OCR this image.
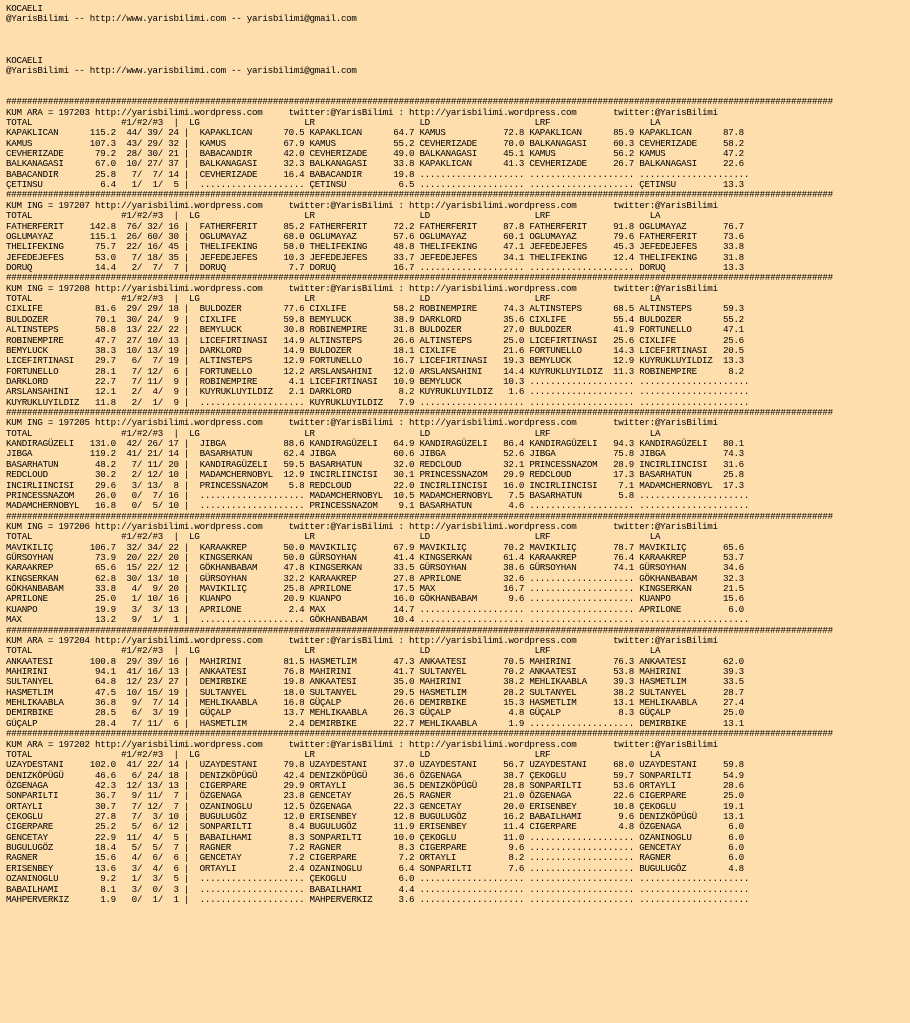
KOCAELI
@YarisBilimi -- http://www.yarisbilimi.com -- yarisbilimi@gmail.com

KOCAELI
@YarisBilimi -- http://www.yarisbilimi.com -- yarisbilimi@gmail.com

##############################################################################################################################################################
KUM ARA = 197203 http://yarisbilimi.wordpress.com     twitter:@YarisBilimi : http://yarisbilimi.wordpress.com       twitter:@YarisBilimi
TOTAL                 #1/#2/#3  |  LG                    LR                    LD                    LRF                   LA
KAPAKLICAN      115.2  44/ 39/ 24 |  KAPAKLICAN      70.5 KAPAKLICAN      64.7 KAMUS           72.8 KAPAKLICAN      85.9 KAPAKLICAN      87.8
KAMUS           107.3  43/ 29/ 32 |  KAMUS           67.9 KAMUS           55.2 CEVHERIZADE     70.0 BALKANAGASI     60.3 CEVHERIZADE     58.2
CEVHERIZADE      79.2  28/ 30/ 21 |  BABACANDIR      42.0 CEVHERIZADE     49.0 BALKANAGASI     45.1 KAMUS           56.2 KAMUS           47.2
BALKANAGASI      67.0  10/ 27/ 37 |  BALKANAGASI     32.3 BALKANAGASI     33.8 KAPAKLICAN      41.3 CEVHERIZADE     26.7 BALKANAGASI     22.6
BABACANDIR       25.8   7/  7/ 14 |  CEVHERIZADE     16.4 BABACANDIR      19.8 .................... .................... .....................
ÇETINSU           6.4   1/  1/  5 |  .................... ÇETINSU          6.5 .................... .................... ÇETINSU         13.3
##############################################################################################################################################################
KUM ING = 197207 http://yarisbilimi.wordpress.com     twitter:@YarisBilimi : http://yarisbilimi.wordpress.com       twitter:@YarisBilimi
TOTAL                 #1/#2/#3  |  LG                    LR                    LD                    LRF                   LA
FATHERFERIT     142.8  76/ 32/ 16 |  FATHERFERIT     85.2 FATHERFERIT     72.2 FATHERFERIT     87.8 FATHERFERIT     91.8 OGLUMAYAZ       76.7
OGLUMAYAZ       115.1  26/ 60/ 30 |  OGLUMAYAZ       68.0 OGLUMAYAZ       57.6 OGLUMAYAZ       60.1 OGLUMAYAZ       79.6 FATHERFERIT     73.6
THELIFEKING      75.7  22/ 16/ 45 |  THELIFEKING     58.0 THELIFEKING     48.8 THELIFEKING     47.1 JEFEDEJEFES     45.3 JEFEDEJEFES     33.8
JEFEDEJEFES      53.0   7/ 18/ 35 |  JEFEDEJEFES     10.3 JEFEDEJEFES     33.7 JEFEDEJEFES     34.1 THELIFEKING     12.4 THELIFEKING     31.8
DORUQ            14.4   2/  7/  7 |  DORUQ            7.7 DORUQ           16.7 .................... .................... DORUQ           13.3
##############################################################################################################################################################
KUM ING = 197208 http://yarisbilimi.wordpress.com     twitter:@YarisBilimi : http://yarisbilimi.wordpress.com       twitter:@YarisBilimi
TOTAL                 #1/#2/#3  |  LG                    LR                    LD                    LRF                   LA
CIXLIFE          81.6  29/ 29/ 18 |  BULDOZER        77.6 CIXLIFE         58.2 ROBINEMPIRE     74.3 ALTINSTEPS      68.5 ALTINSTEPS      59.3
BULDOZER         70.1  30/ 24/  9 |  CIXLIFE         59.8 BEMYLUCK        38.9 DARKLORD        35.6 CIXLIFE         55.4 BULDOZER        55.2
ALTINSTEPS       58.8  13/ 22/ 22 |  BEMYLUCK        30.8 ROBINEMPIRE     31.8 BULDOZER        27.0 BULDOZER        41.9 FORTUNELLO      47.1
ROBINEMPIRE      47.7  27/ 10/ 13 |  LICEFIRTINASI   14.9 ALTINSTEPS      26.6 ALTINSTEPS      25.0 LICEFIRTINASI   25.6 CIXLIFE         25.6
BEMYLUCK         38.3  10/ 13/ 19 |  DARKLORD        14.9 BULDOZER        18.1 CIXLIFE         21.6 FORTUNELLO      14.3 LICEFIRTINASI   20.5
LICEFIRTINASI    29.7   6/  7/ 19 |  ALTINSTEPS      12.9 FORTUNELLO      16.7 LICEFIRTINASI   19.3 BEMYLUCK        12.9 KUYRUKLUYILDIZ  13.3
FORTUNELLO       28.1   7/ 12/  6 |  FORTUNELLO      12.2 ARSLANSAHINI    12.0 ARSLANSAHINI    14.4 KUYRUKLUYILDIZ  11.3 ROBINEMPIRE      8.2
DARKLORD         22.7   7/ 11/  9 |  ROBINEMPIRE      4.1 LICEFIRTINASI   10.9 BEMYLUCK        10.3 .................... .....................
ARSLANSAHINI     12.1   2/  4/  9 |  KUYRUKLUYILDIZ   2.1 DARKLORD         8.2 KUYRUKLUYILDIZ   1.6 .................... .....................
KUYRUKLUYILDIZ   11.8   2/  1/  9 |  .................... KUYRUKLUYILDIZ   7.9 .................... .................... .....................
##############################################################################################################################################################
KUM ING = 197205 http://yarisbilimi.wordpress.com     twitter:@YarisBilimi : http://yarisbilimi.wordpress.com       twitter:@YarisBilimi
TOTAL                 #1/#2/#3  |  LG                    LR                    LD                    LRF                   LA
KANDIRAGÜZELI   131.0  42/ 26/ 17 |  JIBGA           88.6 KANDIRAGÜZELI   64.9 KANDIRAGÜZELI   86.4 KANDIRAGÜZELI   94.3 KANDIRAGÜZELI   80.1
JIBGA           119.2  41/ 21/ 14 |  BASARHATUN      62.4 JIBGA           60.6 JIBGA           52.6 JIBGA           75.8 JIBGA           74.3
BASARHATUN       48.2   7/ 11/ 20 |  KANDIRAGÜZELI   59.5 BASARHATUN      32.0 REDCLOUD        32.1 PRINCESSNAZOM   28.9 INCIRLIINCISI   31.6
REDCLOUD         30.2   2/ 12/ 10 |  MADAMCHERNOBYL  12.9 INCIRLIINCISI   30.1 PRINCESSNAZOM   29.9 REDCLOUD        17.3 BASARHATUN      25.8
INCIRLIINCISI    29.6   3/ 13/  8 |  PRINCESSNAZOM    5.8 REDCLOUD        22.0 INCIRLIINCISI   16.0 INCIRLIINCISI    7.1 MADAMCHERNOBYL  17.3
PRINCESSNAZOM    26.0   0/  7/ 16 |  .................... MADAMCHERNOBYL  10.5 MADAMCHERNOBYL   7.5 BASARHATUN       5.8 .....................
MADAMCHERNOBYL   16.8   0/  5/ 10 |  .................... PRINCESSNAZOM    9.1 BASARHATUN       4.6 .................... .....................
##############################################################################################################################################################
KUM ING = 197206 http://yarisbilimi.wordpress.com     twitter:@YarisBilimi : http://yarisbilimi.wordpress.com       twitter:@YarisBilimi
TOTAL                 #1/#2/#3  |  LG                    LR                    LD                    LRF                   LA
MAVIKILIÇ       106.7  32/ 34/ 22 |  KARAAKREP       50.0 MAVIKILIÇ       67.9 MAVIKILIÇ       70.2 MAVIKILIÇ       78.7 MAVIKILIÇ       65.6
GÜRSOYHAN        73.9  20/ 22/ 20 |  KINGSERKAN      50.0 GÜRSOYHAN       41.4 KINGSERKAN      61.4 KARAAKREP       76.4 KARAAKREP       53.7
KARAAKREP        65.6  15/ 22/ 12 |  GÖKHANBABAM     47.8 KINGSERKAN      33.5 GÜRSOYHAN       38.6 GÜRSOYHAN       74.1 GÜRSOYHAN       34.6
KINGSERKAN       62.8  30/ 13/ 10 |  GÜRSOYHAN       32.2 KARAAKREP       27.8 APRILONE        32.6 .................... GÖKHANBABAM     32.3
GÖKHANBABAM      33.8   4/  9/ 20 |  MAVIKILIÇ       25.8 APRILONE        17.5 MAX             16.7 .................... KINGSERKAN      21.5
APRILONE         25.0   1/ 10/ 16 |  KUANPO          20.9 KUANPO          16.0 GÖKHANBABAM      9.6 .................... KUANPO          15.6
KUANPO           19.9   3/  3/ 13 |  APRILONE         2.4 MAX             14.7 .................... .................... APRILONE         6.0
MAX              13.2   9/  1/  1 |  .................... GÖKHANBABAM     10.4 .................... .................... .....................
##############################################################################################################################################################
KUM ARA = 197204 http://yarisbilimi.wordpress.com     twitter:@YarisBilimi : http://yarisbilimi.wordpress.com       twitter:@YarisBilimi
TOTAL                 #1/#2/#3  |  LG                    LR                    LD                    LRF                   LA
ANKAATESI       100.8  29/ 39/ 16 |  MAHIRINI        81.5 HASMETLIM       47.3 ANKAATESI       70.5 MAHIRINI        76.3 ANKAATESI       62.0
MAHIRINI         94.1  41/ 16/ 13 |  ANKAATESI       76.8 MAHIRINI        41.7 SULTANYEL       70.2 ANKAATESI       53.8 MAHIRINI        39.3
SULTANYEL        64.8  12/ 23/ 27 |  DEMIRBIKE       19.8 ANKAATESI       35.0 MAHIRINI        38.2 MEHLIKAABLA     39.3 HASMETLIM       33.5
HASMETLIM        47.5  10/ 15/ 19 |  SULTANYEL       18.0 SULTANYEL       29.5 HASMETLIM       28.2 SULTANYEL       38.2 SULTANYEL       28.7
MEHLIKAABLA      36.8   9/  7/ 14 |  MEHLIKAABLA     16.8 GÜÇALP          26.6 DEMIRBIKE       15.3 HASMETLIM       13.1 MEHLIKAABLA     27.4
DEMIRBIKE        28.5   6/  3/ 19 |  GÜÇALP          13.7 MEHLIKAABLA     26.3 GÜÇALP           4.8 GÜÇALP           8.3 GÜÇALP          25.0
GÜÇALP           28.4   7/ 11/  6 |  HASMETLIM        2.4 DEMIRBIKE       22.7 MEHLIKAABLA      1.9 .................... DEMIRBIKE       13.1
##############################################################################################################################################################
KUM ARA = 197202 http://yarisbilimi.wordpress.com     twitter:@YarisBilimi : http://yarisbilimi.wordpress.com       twitter:@YarisBilimi
TOTAL                 #1/#2/#3  |  LG                    LR                    LD                    LRF                   LA
UZAYDESTANI     102.0  41/ 22/ 14 |  UZAYDESTANI     79.8 UZAYDESTANI     37.0 UZAYDESTANI     56.7 UZAYDESTANI     68.0 UZAYDESTANI     59.8
DENIZKÖPÜGÜ      46.6   6/ 24/ 18 |  DENIZKÖPÜGÜ     42.4 DENIZKÖPÜGÜ     36.6 ÖZGENAGA        38.7 ÇEKOGLU         59.7 SONPARILTI      54.9
ÖZGENAGA         42.3  12/ 13/ 13 |  CIGERPARE       29.9 ORTAYLI         36.5 DENIZKÖPÜGÜ     28.8 SONPARILTI      53.6 ORTAYLI         28.6
SONPARILTI       36.7   9/ 11/  7 |  ÖZGENAGA        23.8 GENCETAY        26.5 RAGNER          21.0 ÖZGENAGA        22.6 CIGERPARE       25.0
ORTAYLI          30.7   7/ 12/  7 |  OZANINOGLU      12.5 ÖZGENAGA        22.3 GENCETAY        20.0 ERISENBEY       10.8 ÇEKOGLU         19.1
ÇEKOGLU          27.8   7/  3/ 10 |  BUGULUGÖZ       12.0 ERISENBEY       12.8 BUGULUGÖZ       16.2 BABAILHAMI       9.6 DENIZKÖPÜGÜ     13.1
CIGERPARE        25.2   5/  6/ 12 |  SONPARILTI       8.4 BUGULUGÖZ       11.9 ERISENBEY       11.4 CIGERPARE        4.8 ÖZGENAGA         6.0
GENCETAY         22.9  11/  4/  5 |  BABAILHAMI       8.3 SONPARILTI      10.0 ÇEKOGLU         11.0 .................... OZANINOGLU       6.0
BUGULUGÖZ        18.4   5/  5/  7 |  RAGNER           7.2 RAGNER           8.3 CIGERPARE        9.6 .................... GENCETAY         6.0
RAGNER           15.6   4/  6/  6 |  GENCETAY         7.2 CIGERPARE        7.2 ORTAYLI          8.2 .................... RAGNER           6.0
ERISENBEY        13.6   3/  4/  6 |  ORTAYLI          2.4 OZANINOGLU       6.4 SONPARILTI       7.6 .................... BUGULUGÖZ        4.8
OZANINOGLU        9.2   1/  3/  5 |  .................... ÇEKOGLU          6.0 .................... .................... .....................
BABAILHAMI        8.1   3/  0/  3 |  .................... BABAILHAMI       4.4 .................... .................... .....................
MAHPERVERKIZ      1.9   0/  1/  1 |  .................... MAHPERVERKIZ     3.6 .................... .................... .....................
